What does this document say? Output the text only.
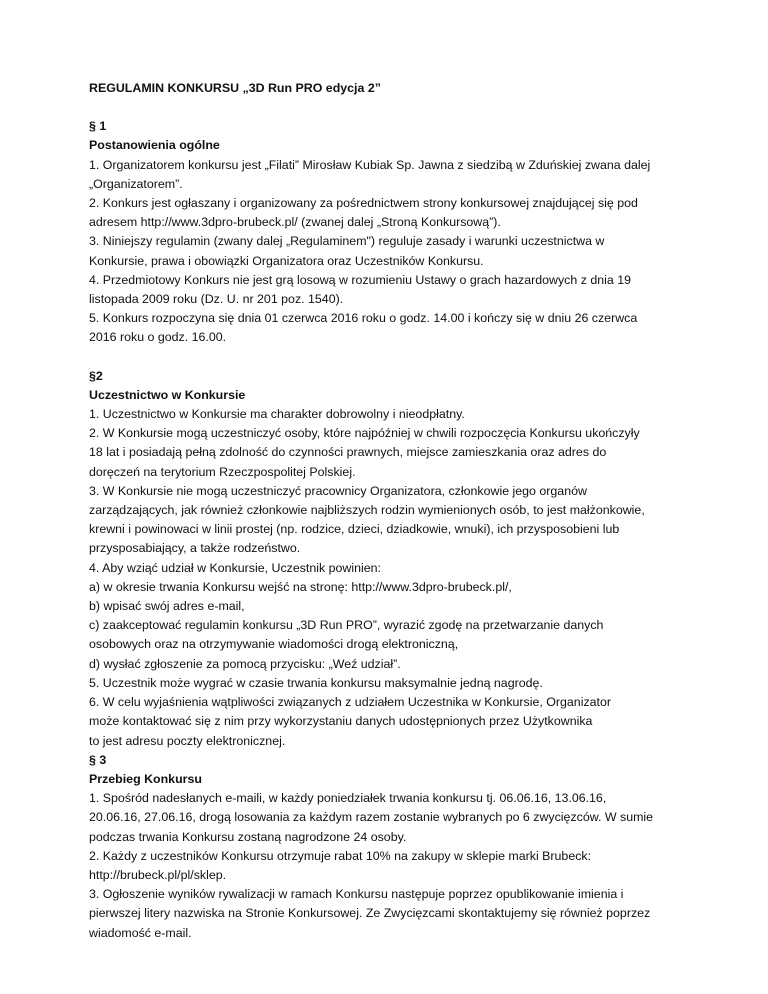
REGULAMIN KONKURSU „3D Run PRO edycja 2”
§ 1
Postanowienia ogólne
1. Organizatorem konkursu jest „Filati” Mirosław Kubiak Sp. Jawna z siedzibą w Zduńskiej zwana dalej
„Organizatorem”.
2. Konkurs jest ogłaszany i organizowany za pośrednictwem strony konkursowej znajdującej się pod
adresem http://www.3dpro-brubeck.pl/ (zwanej dalej „Stroną Konkursową”).
3. Niniejszy regulamin (zwany dalej „Regulaminem") reguluje zasady i warunki uczestnictwa w
Konkursie, prawa i obowiązki Organizatora oraz Uczestników Konkursu.
4. Przedmiotowy Konkurs nie jest grą losową w rozumieniu Ustawy o grach hazardowych z dnia 19
listopada 2009 roku (Dz. U. nr 201 poz. 1540).
5. Konkurs rozpoczyna się dnia 01 czerwca 2016 roku o godz. 14.00 i kończy się w dniu 26 czerwca
2016 roku o godz. 16.00.
§2
Uczestnictwo w Konkursie
1. Uczestnictwo w Konkursie ma charakter dobrowolny i nieodpłatny.
2. W Konkursie mogą uczestniczyć osoby, które najpóźniej w chwili rozpoczęcia Konkursu ukończyły
18 lat i posiadają pełną zdolność do czynności prawnych, miejsce zamieszkania oraz adres do
doręczeń na terytorium Rzeczpospolitej Polskiej.
3. W Konkursie nie mogą uczestniczyć pracownicy Organizatora, członkowie jego organów
zarządzających, jak również członkowie najbliższych rodzin wymienionych osób, to jest małżonkowie,
krewni i powinowaci w linii prostej (np. rodzice, dzieci, dziadkowie, wnuki), ich przysposobieni lub
przysposabiający, a także rodzeństwo.
4. Aby wziąć udział w Konkursie, Uczestnik powinien:
a) w okresie trwania Konkursu wejść na stronę: http://www.3dpro-brubeck.pl/,
b) wpisać swój adres e-mail,
c) zaakceptować regulamin konkursu „3D Run PRO”, wyrazić zgodę na przetwarzanie danych
osobowych oraz na otrzymywanie wiadomości drogą elektroniczną,
d) wysłać zgłoszenie za pomocą przycisku: „Weź udział”.
5. Uczestnik może wygrać w czasie trwania konkursu maksymalnie jedną nagrodę.
6. W celu wyjaśnienia wątpliwości związanych z udziałem Uczestnika w Konkursie, Organizator
może kontaktować się z nim przy wykorzystaniu danych udostępnionych przez Użytkownika
to jest adresu poczty elektronicznej.
§ 3
Przebieg Konkursu
1. Spośród nadesłanych e-maili, w każdy poniedziałek trwania konkursu tj. 06.06.16, 13.06.16,
20.06.16, 27.06.16, drogą losowania za każdym razem zostanie wybranych po 6 zwycięzców. W sumie
podczas trwania Konkursu zostaną nagrodzone 24 osoby.
2. Każdy z uczestników Konkursu otrzymuje rabat 10% na zakupy w sklepie marki Brubeck:
http://brubeck.pl/pl/sklep.
3. Ogłoszenie wyników rywalizacji w ramach Konkursu następuje poprzez opublikowanie imienia i
pierwszej litery nazwiska na Stronie Konkursowej. Ze Zwycięzcami skontaktujemy się również poprzez
wiadomość e-mail.
